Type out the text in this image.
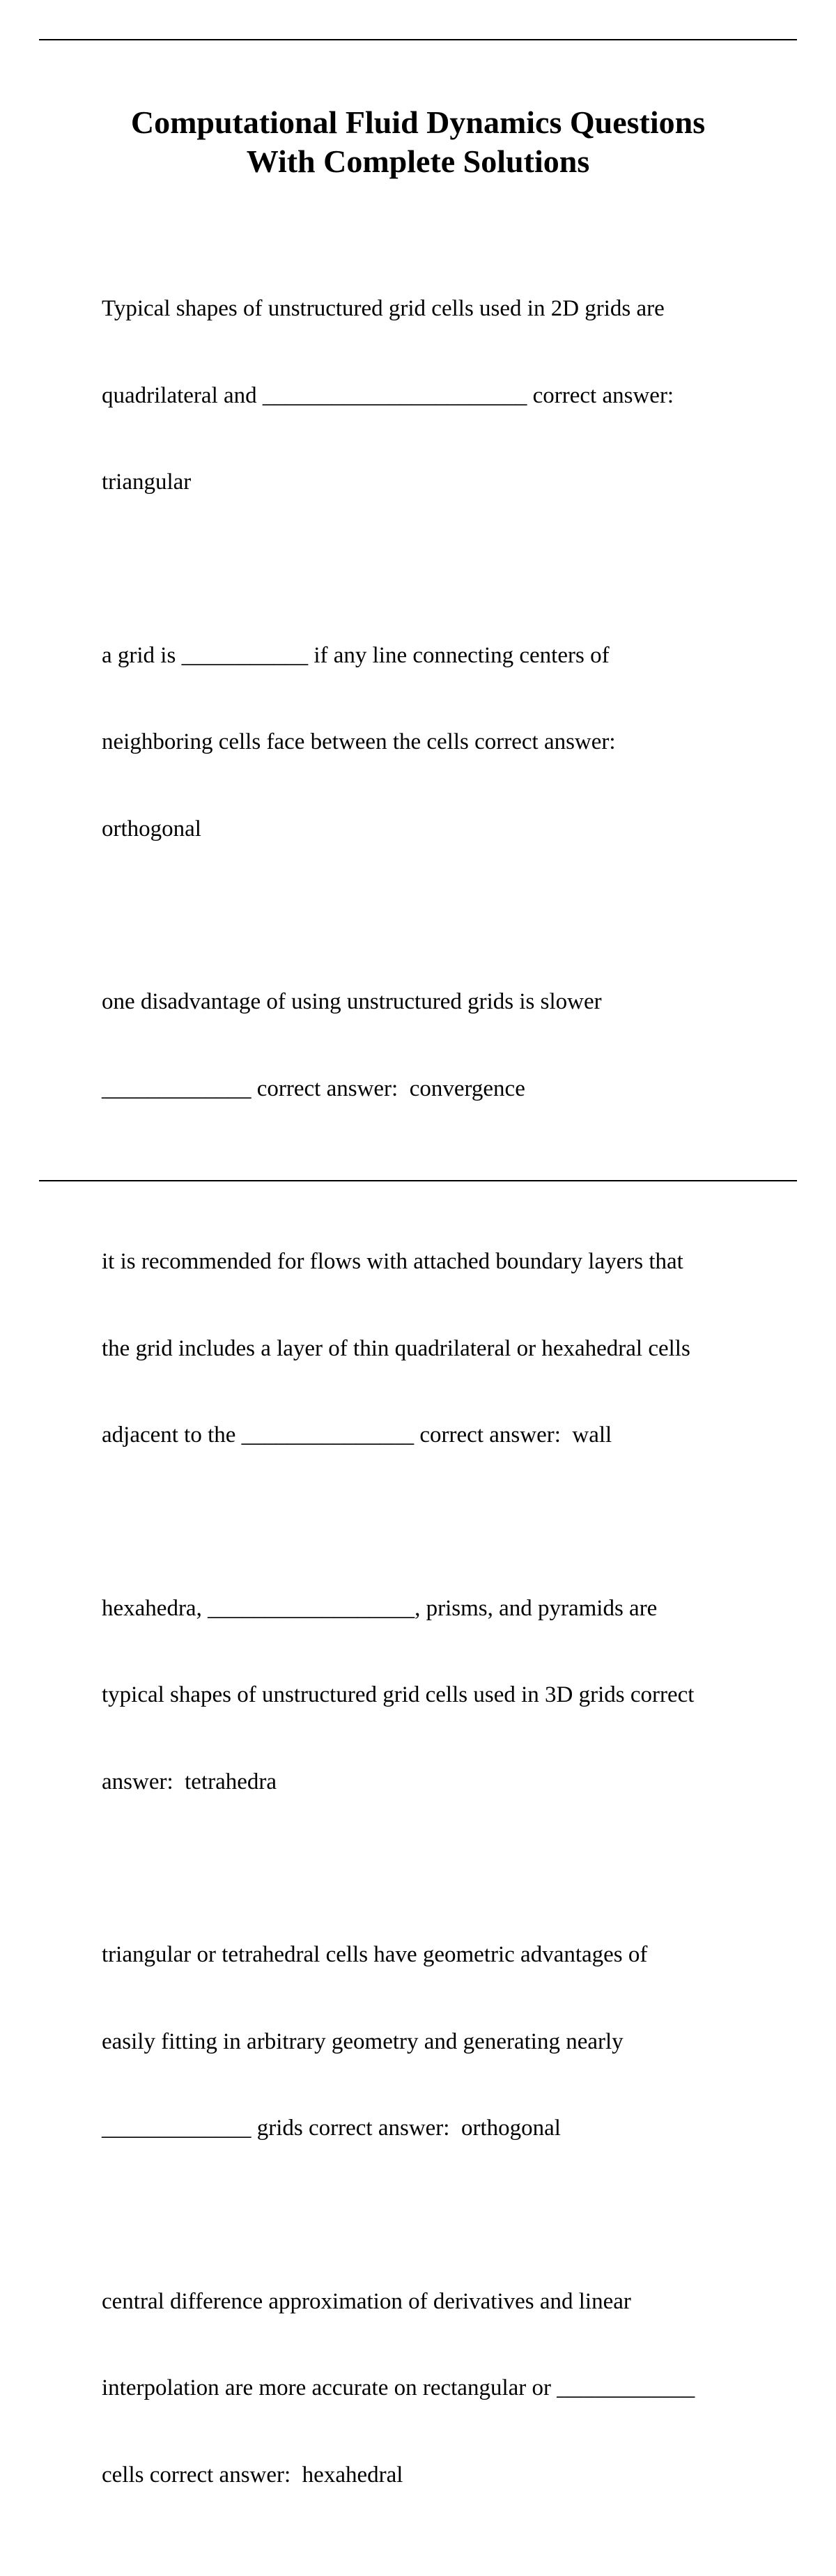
Computational Fluid Dynamics Questions
With Complete Solutions

Typical shapes of unstructured grid cells used in 2D grids are

quadrilateral and _______________________ correct answer:

triangular

a grid is ___________ if any line connecting centers of

neighboring cells face between the cells correct answer:

orthogonal

one disadvantage of using unstructured grids is slower

_____________ correct answer:  convergence

it is recommended for flows with attached boundary layers that

the grid includes a layer of thin quadrilateral or hexahedral cells

adjacent to the _______________ correct answer:  wall

hexahedra, __________________, prisms, and pyramids are

typical shapes of unstructured grid cells used in 3D grids correct

answer:  tetrahedra

triangular or tetrahedral cells have geometric advantages of

easily fitting in arbitrary geometry and generating nearly

_____________ grids correct answer:  orthogonal

central difference approximation of derivatives and linear

interpolation are more accurate on rectangular or ____________

cells correct answer:  hexahedral
